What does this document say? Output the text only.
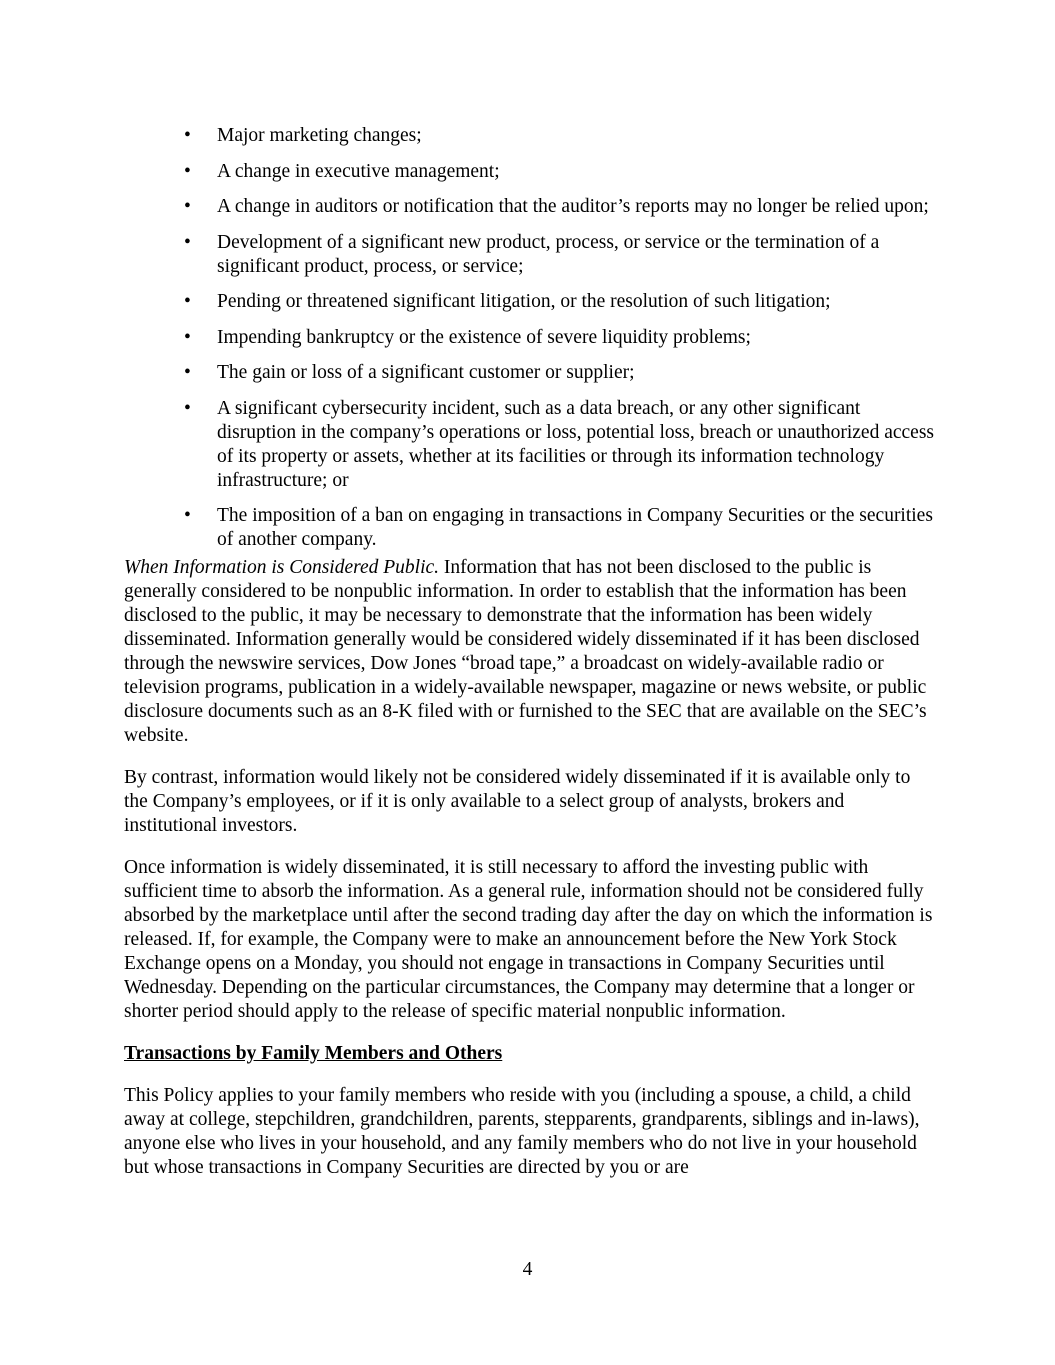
• Major marketing changes;
• A change in executive management;
• A change in auditors or notification that the auditor’s reports may no longer be relied upon;
• Development of a significant new product, process, or service or the termination of a significant product, process, or service;
• Pending or threatened significant litigation, or the resolution of such litigation;
• Impending bankruptcy or the existence of severe liquidity problems;
• The gain or loss of a significant customer or supplier;
• A significant cybersecurity incident, such as a data breach, or any other significant disruption in the company’s operations or loss, potential loss, breach or unauthorized access of its property or assets, whether at its facilities or through its information technology infrastructure; or
• The imposition of a ban on engaging in transactions in Company Securities or the securities of another company.

When Information is Considered Public. Information that has not been disclosed to the public is generally considered to be nonpublic information. In order to establish that the information has been disclosed to the public, it may be necessary to demonstrate that the information has been widely disseminated. Information generally would be considered widely disseminated if it has been disclosed through the newswire services, Dow Jones “broad tape,” a broadcast on widely-available radio or television programs, publication in a widely-available newspaper, magazine or news website, or public disclosure documents such as an 8-K filed with or furnished to the SEC that are available on the SEC’s website.

By contrast, information would likely not be considered widely disseminated if it is available only to the Company’s employees, or if it is only available to a select group of analysts, brokers and institutional investors.

Once information is widely disseminated, it is still necessary to afford the investing public with sufficient time to absorb the information. As a general rule, information should not be considered fully absorbed by the marketplace until after the second trading day after the day on which the information is released. If, for example, the Company were to make an announcement before the New York Stock Exchange opens on a Monday, you should not engage in transactions in Company Securities until Wednesday. Depending on the particular circumstances, the Company may determine that a longer or shorter period should apply to the release of specific material nonpublic information.

Transactions by Family Members and Others

This Policy applies to your family members who reside with you (including a spouse, a child, a child away at college, stepchildren, grandchildren, parents, stepparents, grandparents, siblings and in-laws), anyone else who lives in your household, and any family members who do not live in your household but whose transactions in Company Securities are directed by you or are

4
